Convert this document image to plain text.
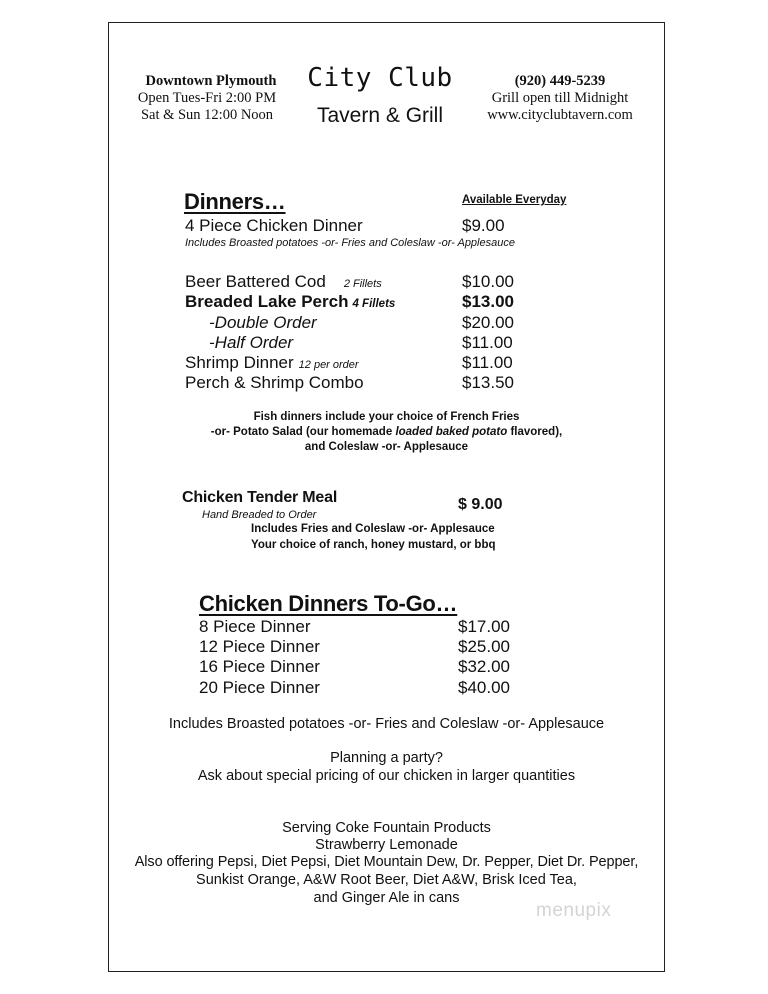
Downtown Plymouth
Open Tues-Fri 2:00 PM
Sat & Sun 12:00 Noon
City Club
Tavern & Grill
(920) 449-5239
Grill open till Midnight
www.cityclubtavern.com
Dinners…	Available Everyday
4 Piece Chicken Dinner	$9.00
Includes Broasted potatoes -or- Fries and Coleslaw -or- Applesauce
Beer Battered Cod 2 Fillets	$10.00
Breaded Lake Perch 4 Fillets	$13.00
-Double Order	$20.00
-Half Order	$11.00
Shrimp Dinner 12 per order	$11.00
Perch & Shrimp Combo	$13.50
Fish dinners include your choice of French Fries
-or- Potato Salad (our homemade loaded baked potato flavored),
and Coleslaw -or- Applesauce
Chicken Tender Meal
Hand Breaded to Order
$ 9.00
Includes Fries and Coleslaw -or- Applesauce
Your choice of ranch, honey mustard, or bbq
Chicken Dinners To-Go…
8 Piece Dinner	$17.00
12 Piece Dinner	$25.00
16 Piece Dinner	$32.00
20 Piece Dinner	$40.00
Includes Broasted potatoes -or- Fries and Coleslaw -or- Applesauce
Planning a party?
Ask about special pricing of our chicken in larger quantities
Serving Coke Fountain Products
Strawberry Lemonade
Also offering Pepsi, Diet Pepsi, Diet Mountain Dew, Dr. Pepper, Diet Dr. Pepper,
Sunkist Orange, A&W Root Beer, Diet A&W, Brisk Iced Tea,
and Ginger Ale in cans
menupix
